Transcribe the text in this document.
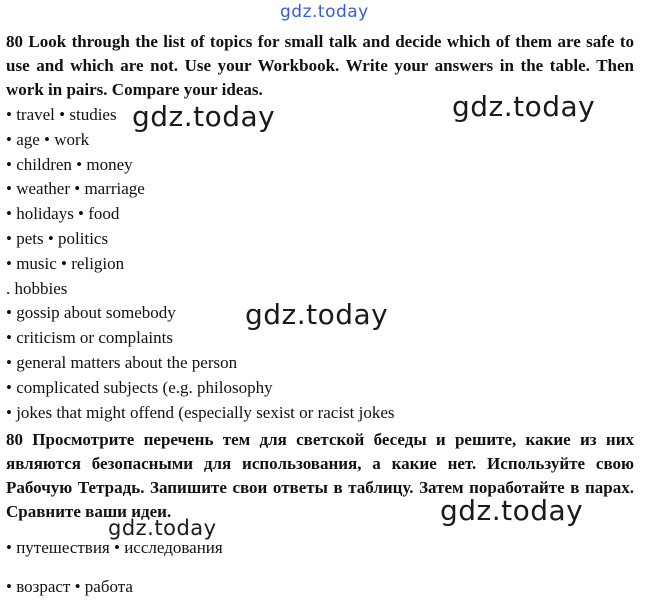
gdz.today

80 Look through the list of topics for small talk and decide which of them are safe to use and which are not. Use your Workbook. Write your answers in the table. Then work in pairs. Compare your ideas.

• travel • studies
• age • work
• children • money
• weather • marriage
• holidays • food
• pets • politics
• music • religion
. hobbies
• gossip about somebody
• criticism or complaints
• general matters about the person
• complicated subjects (e.g. philosophy
• jokes that might offend (especially sexist or racist jokes

80 Просмотрите перечень тем для светской беседы и решите, какие из них являются безопасными для использования, а какие нет. Используйте свою Рабочую Тетрадь. Запишите свои ответы в таблицу. Затем поработайте в парах. Сравните ваши идеи.

• путешествия • исследования
• возраст • работа
gdz.today	gdz.today
gdz.today
gdz.today
gdz.today
